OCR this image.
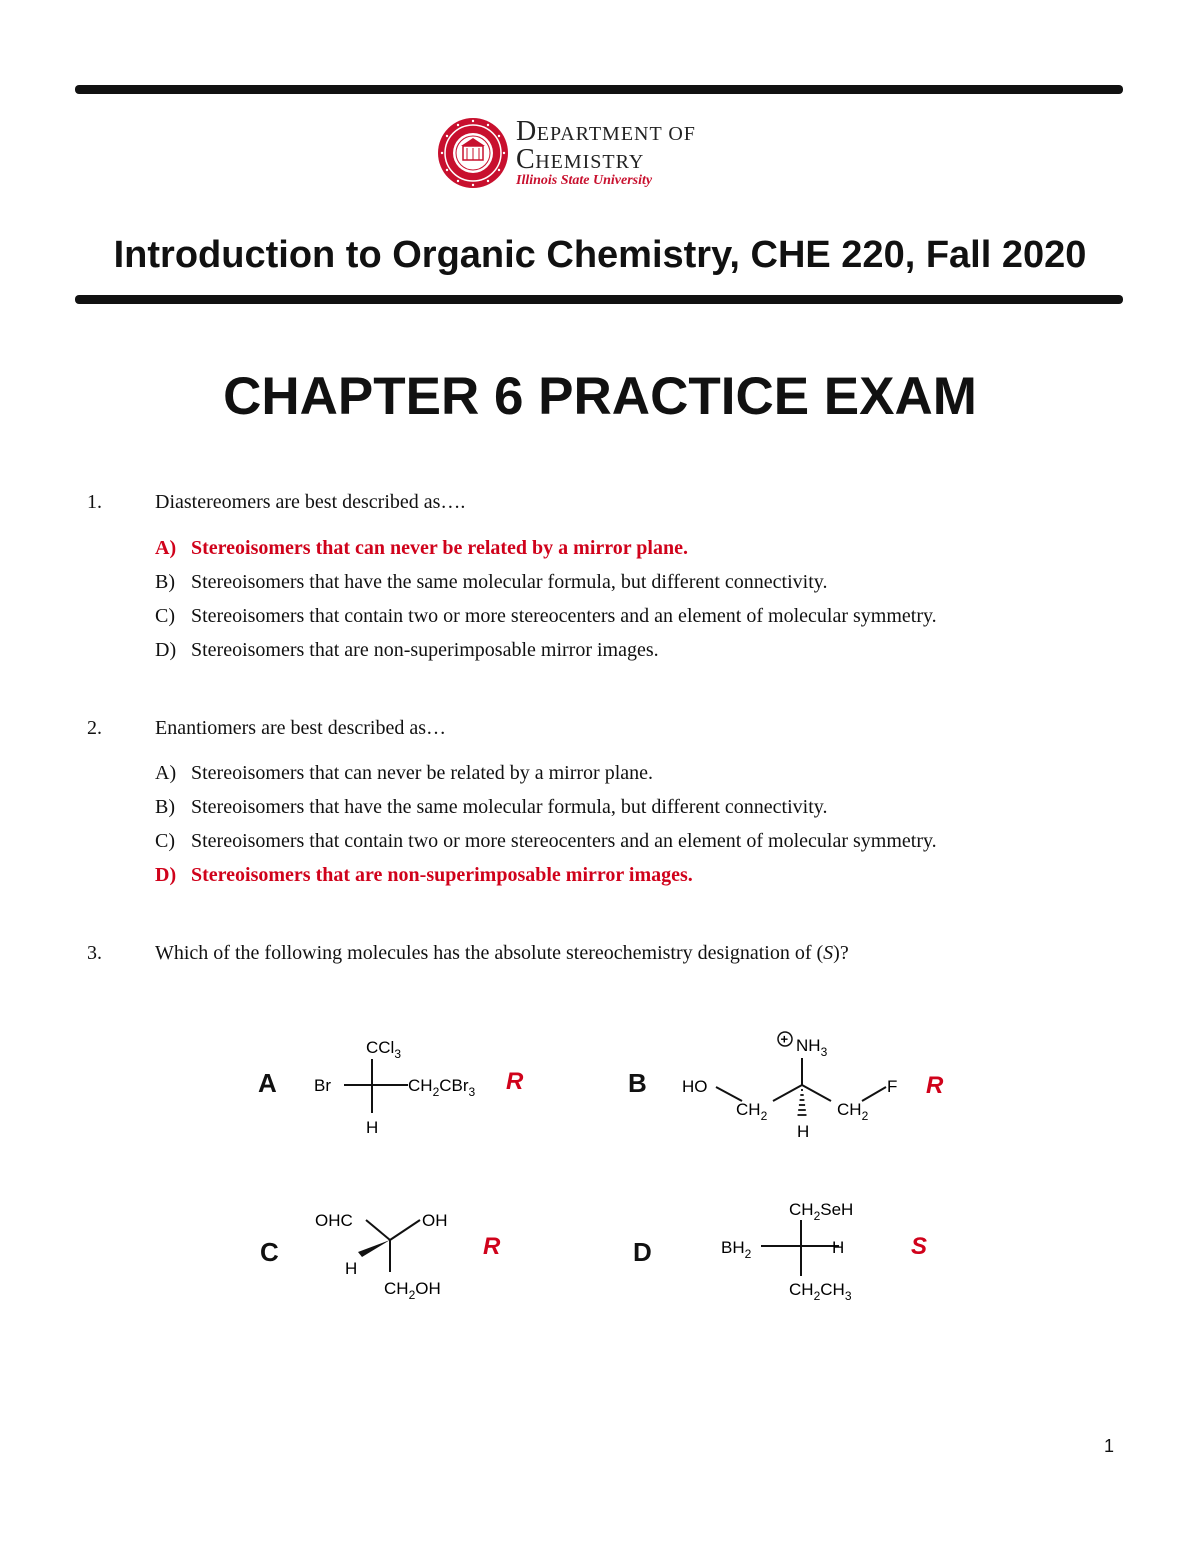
DEPARTMENT OF
CHEMISTRY
Illinois State University
Introduction to Organic Chemistry, CHE 220, Fall 2020
CHAPTER 6 PRACTICE EXAM
1.	Diastereomers are best described as….
A) Stereoisomers that can never be related by a mirror plane.
B) Stereoisomers that have the same molecular formula, but different connectivity.
C) Stereoisomers that contain two or more stereocenters and an element of molecular symmetry.
D) Stereoisomers that are non-superimposable mirror images.
2.	Enantiomers are best described as…
A) Stereoisomers that can never be related by a mirror plane.
B) Stereoisomers that have the same molecular formula, but different connectivity.
C) Stereoisomers that contain two or more stereocenters and an element of molecular symmetry.
D) Stereoisomers that are non-superimposable mirror images.
3.	Which of the following molecules has the absolute stereochemistry designation of (S)?
A
CCl$_3$
Br	$CH_2CBr_3$
H
R	B
+ $NH_3$
HO
$CH_2$	$CH_2$
F
H
R
C
OHC	OH
H
$CH_2OH$
R	D
$CH_2SeH$
$BH_2$	H
$CH_2CH_3$
S
1
